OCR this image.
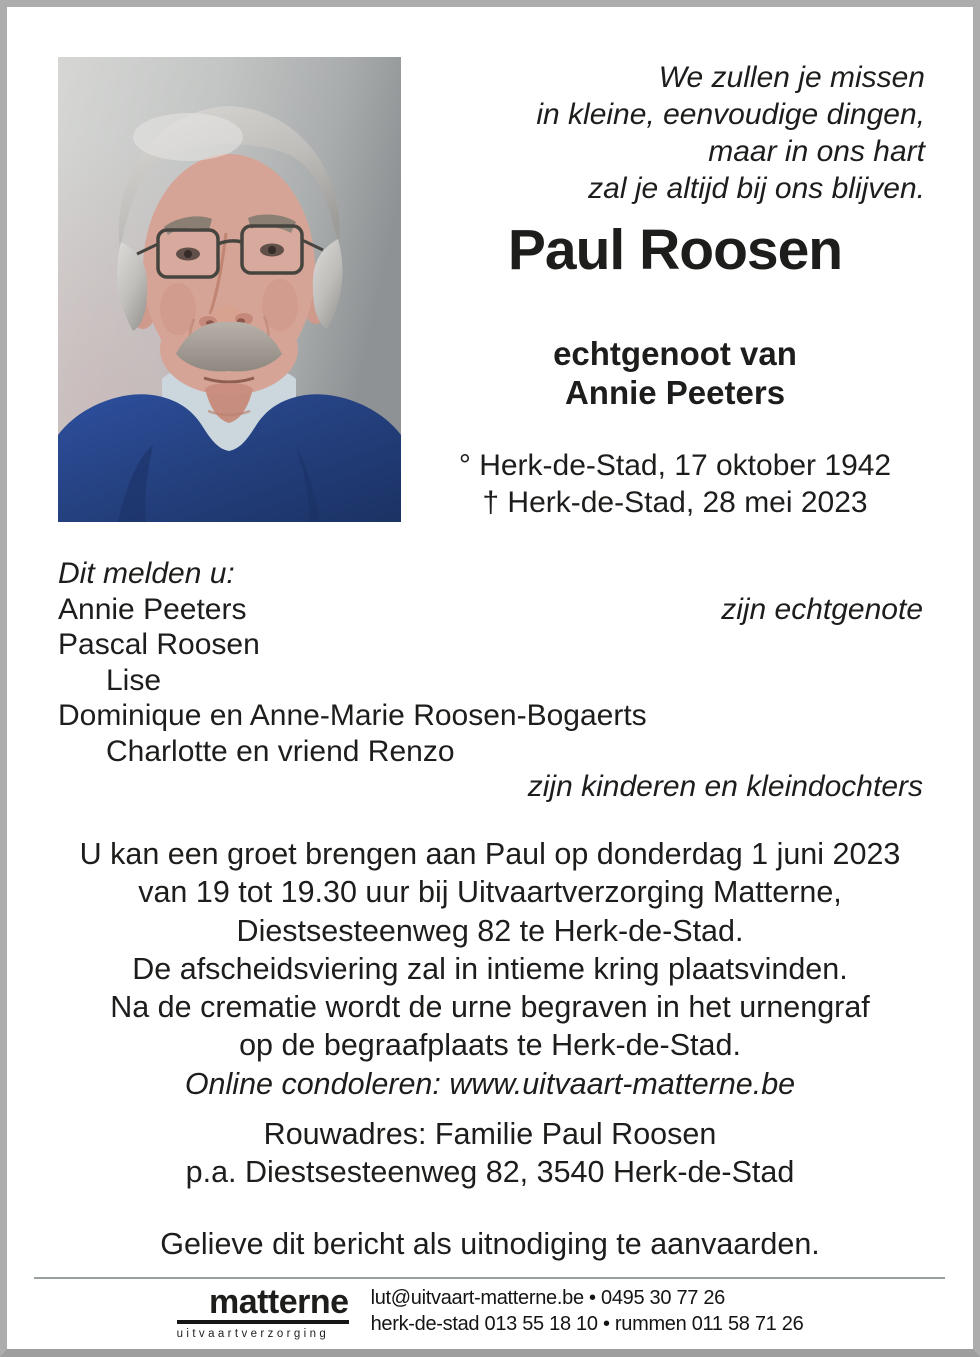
We zullen je missen
in kleine, eenvoudige dingen,
maar in ons hart
zal je altijd bij ons blijven.
Paul Roosen
echtgenoot van
Annie Peeters
° Herk-de-Stad, 17 oktober 1942
† Herk-de-Stad, 28 mei 2023
Dit melden u:
Annie Peeters	zijn echtgenote
Pascal Roosen
Lise
Dominique en Anne-Marie Roosen-Bogaerts
Charlotte en vriend Renzo
zijn kinderen en kleindochters
U kan een groet brengen aan Paul op donderdag 1 juni 2023
van 19 tot 19.30 uur bij Uitvaartverzorging Matterne,
Diestsesteenweg 82 te Herk-de-Stad.
De afscheidsviering zal in intieme kring plaatsvinden.
Na de crematie wordt de urne begraven in het urnengraf
op de begraafplaats te Herk-de-Stad.
Online condoleren: www.uitvaart-matterne.be
Rouwadres: Familie Paul Roosen
p.a. Diestsesteenweg 82, 3540 Herk-de-Stad
Gelieve dit bericht als uitnodiging te aanvaarden.
matterne
uitvaartverzorging
lut@uitvaart-matterne.be • 0495 30 77 26
herk-de-stad 013 55 18 10 • rummen 011 58 71 26
